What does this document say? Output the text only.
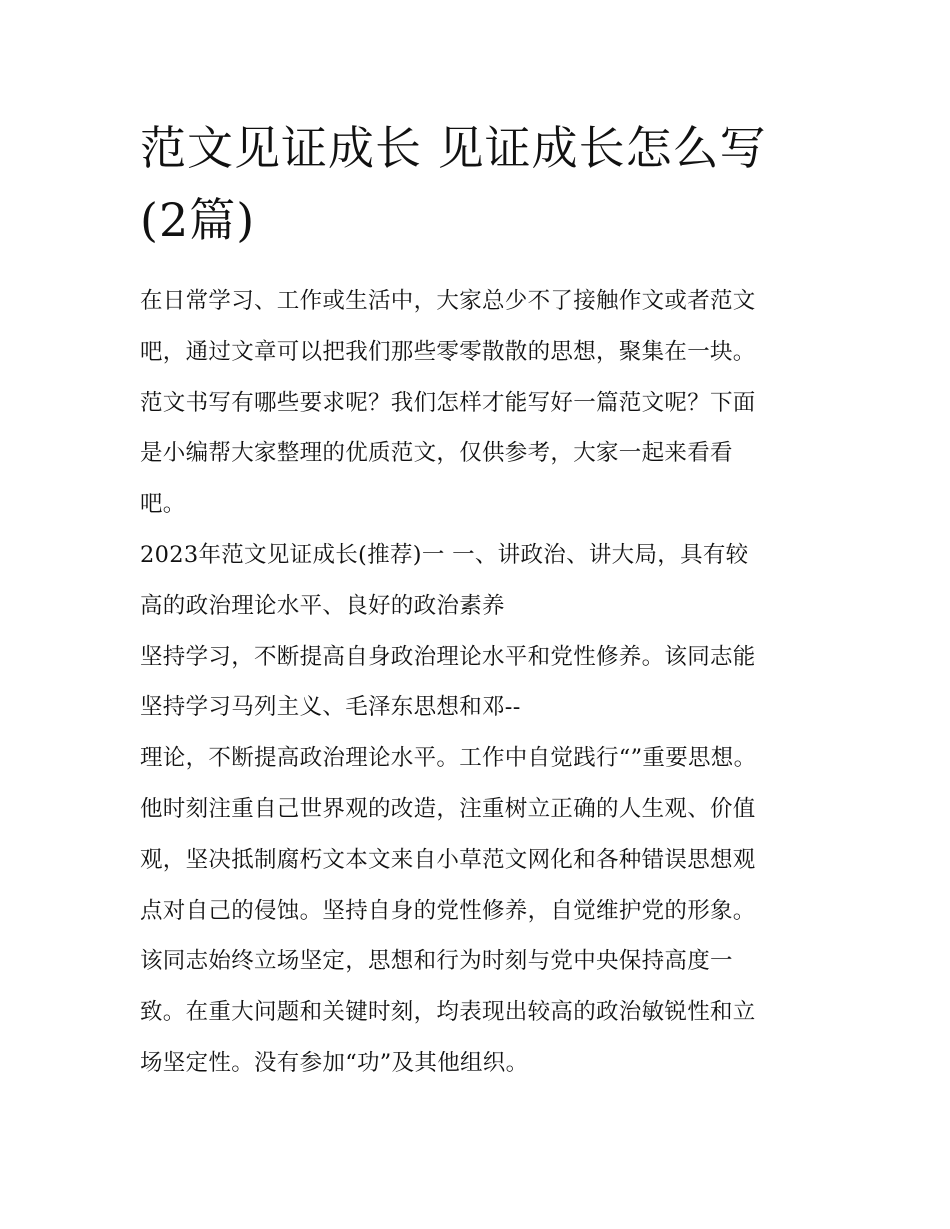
范文见证成长 见证成长怎么写
(2篇)
在日常学习、工作或生活中，大家总少不了接触作文或者范文
吧，通过文章可以把我们那些零零散散的思想，聚集在一块。
范文书写有哪些要求呢？我们怎样才能写好一篇范文呢？下面
是小编帮大家整理的优质范文，仅供参考，大家一起来看看
吧。
2023年范文见证成长(推荐)一 一、讲政治、讲大局，具有较
高的政治理论水平、良好的政治素养
坚持学习，不断提高自身政治理论水平和党性修养。该同志能
坚持学习马列主义、毛泽东思想和邓--
理论，不断提高政治理论水平。工作中自觉践行“”重要思想。
他时刻注重自己世界观的改造，注重树立正确的人生观、价值
观，坚决抵制腐朽文本文来自小草范文网化和各种错误思想观
点对自己的侵蚀。坚持自身的党性修养，自觉维护党的形象。
该同志始终立场坚定，思想和行为时刻与党中央保持高度一
致。在重大问题和关键时刻，均表现出较高的政治敏锐性和立
场坚定性。没有参加“功”及其他组织。
